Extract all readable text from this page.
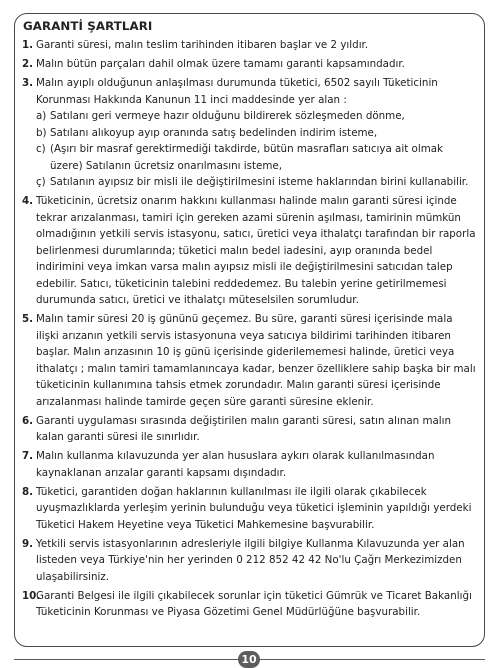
GARANTİ ŞARTLARI
1. Garanti süresi, malın teslim tarihinden itibaren başlar ve 2 yıldır.
2. Malın bütün parçaları dahil olmak üzere tamamı garanti kapsamındadır.
3. Malın ayıplı olduğunun anlaşılması durumunda tüketici, 6502 sayılı Tüketicinin Korunması Hakkında Kanunun 11 inci maddesinde yer alan :
a) Satılanı geri vermeye hazır olduğunu bildirerek sözleşmeden dönme,
b) Satılanı alıkoyup ayıp oranında satış bedelinden indirim isteme,
c) (Aşırı bir masraf gerektirmediği takdirde, bütün masrafları satıcıya ait olmak üzere) Satılanın ücretsiz onarılmasını isteme,
ç) Satılanın ayıpsız bir misli ile değiştirilmesini isteme haklarından birini kullanabilir.
4. Tüketicinin, ücretsiz onarım hakkını kullanması halinde malın garanti süresi içinde tekrar arızalanması, tamiri için gereken azami sürenin aşılması, tamirinin mümkün olmadığının yetkili servis istasyonu, satıcı, üretici veya ithalatçı tarafından bir raporla belirlenmesi durumlarında; tüketici malın bedel iadesini, ayıp oranında bedel indirimini veya imkan varsa malın ayıpsız misli ile değiştirilmesini satıcıdan talep edebilir. Satıcı, tüketicinin talebini reddedemez. Bu talebin yerine getirilmemesi durumunda satıcı, üretici ve ithalatçı müteselsilen sorumludur.
5. Malın tamir süresi 20 iş gününü geçemez. Bu süre, garanti süresi içerisinde mala ilişki arızanın yetkili servis istasyonuna veya satıcıya bildirimi tarihinden itibaren başlar. Malın arızasının 10 iş günü içerisinde giderilememesi halinde, üretici veya ithalatçı ; malın tamiri tamamlanıncaya kadar, benzer özelliklere sahip başka bir malı tüketicinin kullanımına tahsis etmek zorundadır. Malın garanti süresi içerisinde arızalanması halinde tamirde geçen süre garanti süresine eklenir.
6. Garanti uygulaması sırasında değiştirilen malın garanti süresi, satın alınan malın kalan garanti süresi ile sınırlıdır.
7. Malın kullanma kılavuzunda yer alan hususlara aykırı olarak kullanılmasından kaynaklanan arızalar garanti kapsamı dışındadır.
8. Tüketici, garantiden doğan haklarının kullanılması ile ilgili olarak çıkabilecek uyuşmazlıklarda yerleşim yerinin bulunduğu veya tüketici işleminin yapıldığı yerdeki Tüketici Hakem Heyetine veya Tüketici Mahkemesine başvurabilir.
9. Yetkili servis istasyonlarının adresleriyle ilgili bilgiye Kullanma Kılavuzunda yer alan listeden veya Türkiye'nin her yerinden 0 212 852 42 42 No'lu Çağrı Merkezimizden ulaşabilirsiniz.
10.
Garanti Belgesi ile ilgili çıkabilecek sorunlar için tüketici Gümrük ve Ticaret Bakanlığı Tüketicinin Korunması ve Piyasa Gözetimi Genel Müdürlüğüne başvurabilir.
10
